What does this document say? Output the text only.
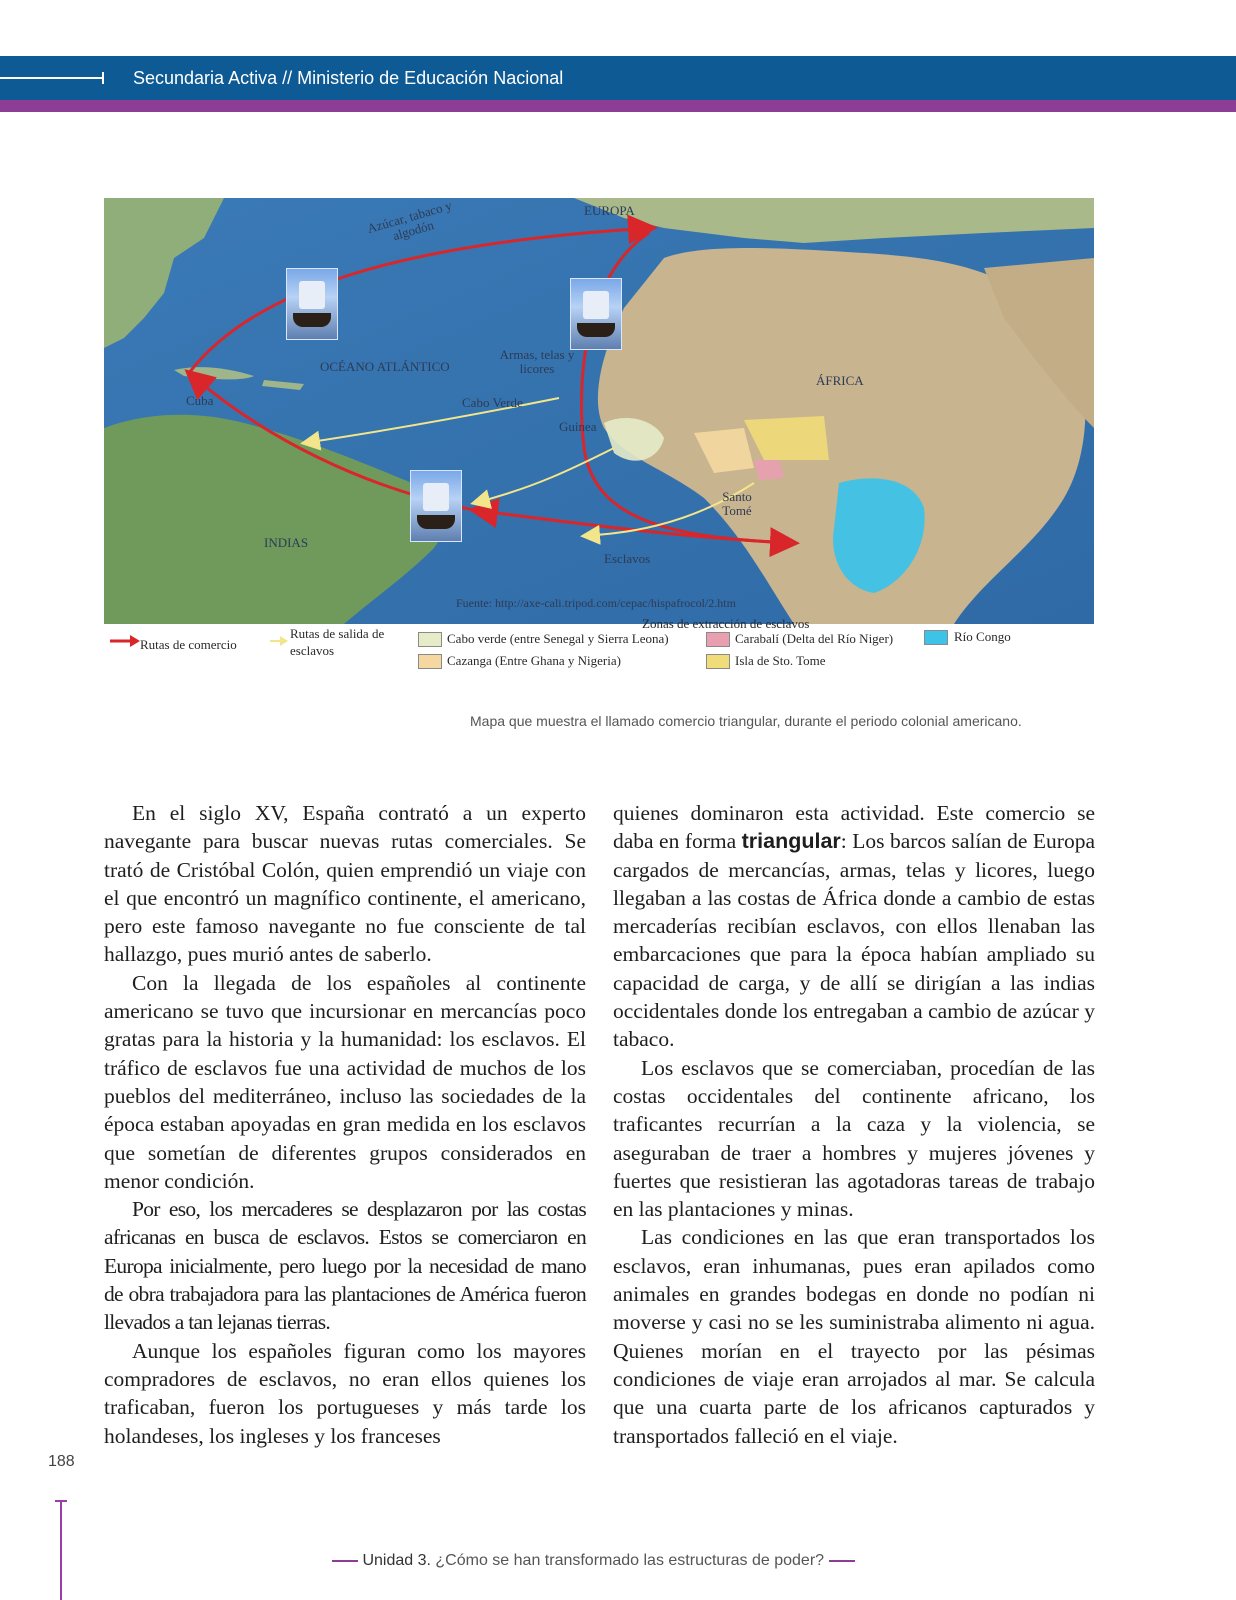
Secundaria Activa // Ministerio de Educación Nacional
EUROPA
Azúcar, tabaco y algodón
OCÉANO ATLÁNTICO
Armas, telas y licores
ÁFRICA
Cuba	Cabo Verde
Guinea
Santo Tomé
INDIAS
Esclavos
Fuente: http://axe-cali.tripod.com/cepac/hispafrocol/2.htm
Rutas de comercio
Rutas de salida de
esclavos
Zonas de extracción de esclavos
Cabo verde (entre Senegal y Sierra Leona)
Cazanga (Entre Ghana y Nigeria)
Carabalí (Delta del Río Niger)
Isla de Sto. Tome
Río Congo
Mapa que muestra el llamado comercio triangular, durante el periodo colonial americano.

En el siglo XV, España contrató a un experto navegante para buscar nuevas rutas comerciales. Se trató de Cristóbal Colón, quien emprendió un viaje con el que encontró un magnífico continente, el americano, pero este famoso navegante no fue consciente de tal hallazgo, pues murió antes de saberlo.

Con la llegada de los españoles al continente americano se tuvo que incursionar en mercancías poco gratas para la historia y la humanidad: los esclavos. El tráfico de esclavos fue una actividad de muchos de los pueblos del mediterráneo, incluso las sociedades de la época estaban apoyadas en gran medida en los esclavos que sometían de diferentes grupos considerados en menor condición.

Por eso, los mercaderes se desplazaron por las costas africanas en busca de esclavos. Estos se comerciaron en Europa inicialmente, pero luego por la necesidad de mano de obra trabajadora para las plantaciones de América fueron llevados a tan lejanas tierras.

Aunque los españoles figuran como los mayores compradores de esclavos, no eran ellos quienes los traficaban, fueron los portugueses y más tarde los holandeses, los ingleses y los franceses

quienes dominaron esta actividad. Este comercio se daba en forma triangular: Los barcos salían de Europa cargados de mercancías, armas, telas y licores, luego llegaban a las costas de África donde a cambio de estas mercaderías recibían esclavos, con ellos llenaban las embarcaciones que para la época habían ampliado su capacidad de carga, y de allí se dirigían a las indias occidentales donde los entregaban a cambio de azúcar y tabaco.

Los esclavos que se comerciaban, procedían de las costas occidentales del continente africano, los traficantes recurrían a la caza y la violencia, se aseguraban de traer a hombres y mujeres jóvenes y fuertes que resistieran las agotadoras tareas de trabajo en las plantaciones y minas.

Las condiciones en las que eran transportados los esclavos, eran inhumanas, pues eran apilados como animales en grandes bodegas en donde no podían ni moverse y casi no se les suministraba alimento ni agua. Quienes morían en el trayecto por las pésimas condiciones de viaje eran arrojados al mar. Se calcula que una cuarta parte de los africanos capturados y transportados falleció en el viaje.

188
Unidad 3. ¿Cómo se han transformado las estructuras de poder?
